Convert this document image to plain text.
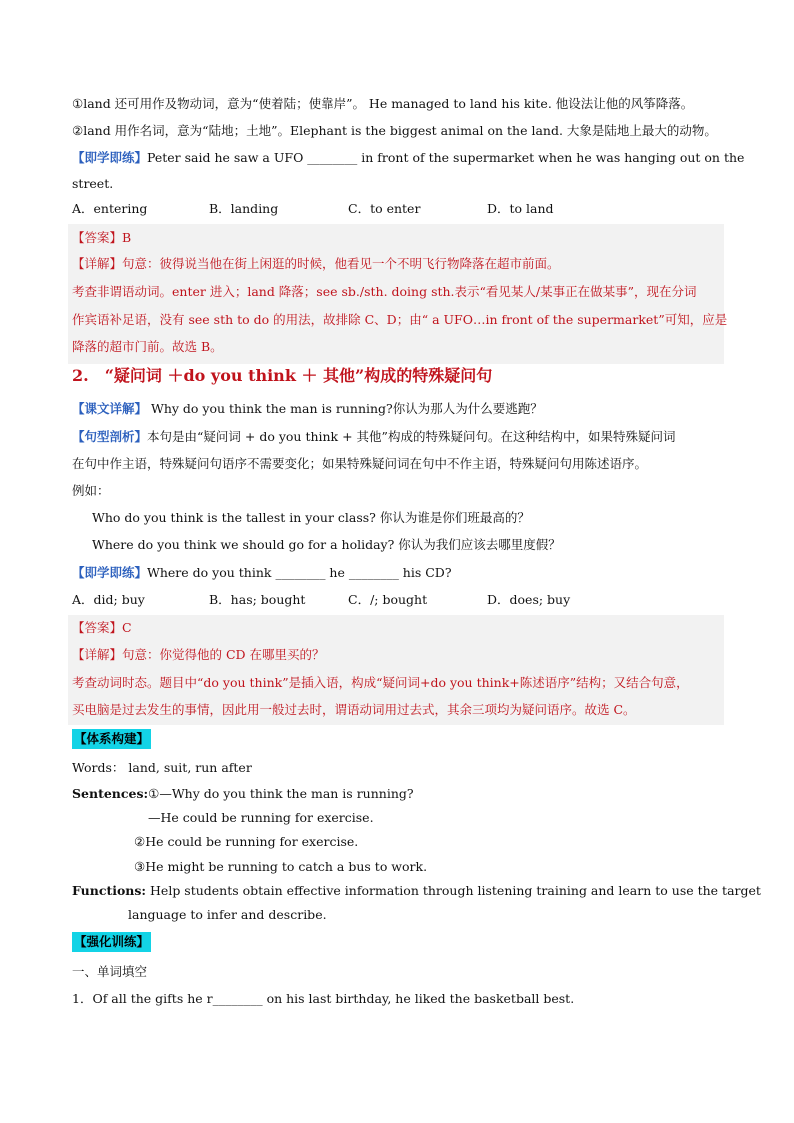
①land 还可用作及物动词，意为“使着陆；使靠岸”。 He managed to land his kite. 他设法让他的风筝降落。
②land 用作名词，意为“陆地；土地”。Elephant is the biggest animal on the land. 大象是陆地上最大的动物。
【即学即练】Peter said he saw a UFO ________ in front of the supermarket when he was hanging out on the
street.
A．entering	B．landing	C．to enter	D．to land
【答案】B
【详解】句意：彼得说当他在街上闲逛的时候，他看见一个不明飞行物降落在超市前面。
考查非谓语动词。enter 进入；land 降落；see sb./sth. doing sth.表示“看见某人/某事正在做某事”，现在分词
作宾语补足语，没有 see sth to do 的用法，故排除 C、D；由“ a UFO…in front of the supermarket”可知，应是
降落的超市门前。故选 B。
2.　“疑问词 ＋do you think ＋ 其他”构成的特殊疑问句
【课文详解】 Why do you think the man is running?你认为那人为什么要逃跑？
【句型剖析】本句是由“疑问词 + do you think + 其他”构成的特殊疑问句。在这种结构中，如果特殊疑问词
在句中作主语，特殊疑问句语序不需要变化；如果特殊疑问词在句中不作主语，特殊疑问句用陈述语序。
例如：
Who do you think is the tallest in your class? 你认为谁是你们班最高的？
Where do you think we should go for a holiday? 你认为我们应该去哪里度假？
【即学即练】Where do you think ________ he ________ his CD?
A．did; buy	B．has; bought	C．/; bought	D．does; buy
【答案】C
【详解】句意：你觉得他的 CD 在哪里买的？
考查动词时态。题目中“do you think”是插入语，构成“疑问词+do you think+陈述语序”结构；又结合句意，
买电脑是过去发生的事情，因此用一般过去时，谓语动词用过去式，其余三项均为疑问语序。故选 C。
【体系构建】
Words： land, suit, run after
Sentences:①—Why do you think the man is running?
—He could be running for exercise.
②He could be running for exercise.
③He might be running to catch a bus to work.
Functions: Help students obtain effective information through listening training and learn to use the target
language to infer and describe.
【强化训练】
一、单词填空
1．Of all the gifts he r________ on his last birthday, he liked the basketball best.
